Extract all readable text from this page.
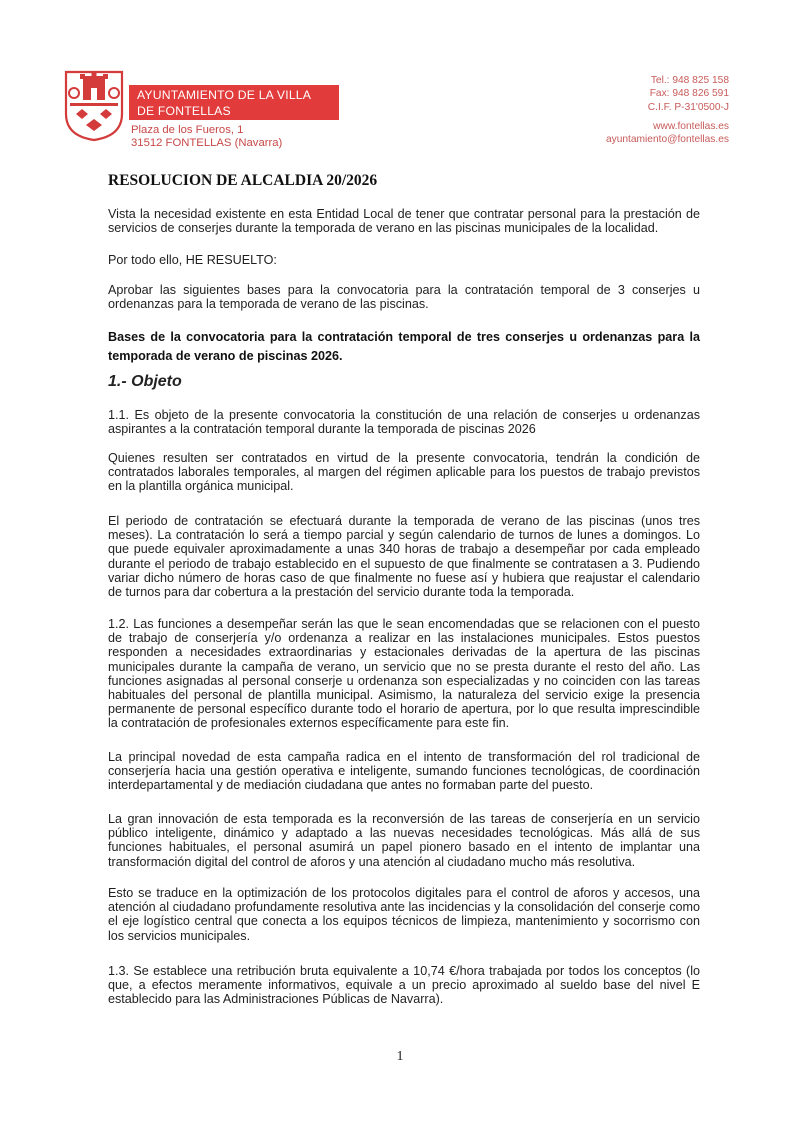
AYUNTAMIENTO DE LA VILLA
DE FONTELLAS
Plaza de los Fueros, 1
31512 FONTELLAS (Navarra)
Tel.: 948 825 158
Fax: 948 826 591
C.I.F. P-31'0500-J
www.fontellas.es
ayuntamiento@fontellas.es
RESOLUCION DE ALCALDIA 20/2026

Vista la necesidad existente en esta Entidad Local de tener que contratar personal para la prestación de servicios de conserjes durante la temporada de verano en las piscinas municipales de la localidad.

Por todo ello, HE RESUELTO:

Aprobar las siguientes bases para la convocatoria para la contratación temporal de 3 conserjes u ordenanzas para la temporada de verano de las piscinas.

Bases de la convocatoria para la contratación temporal de tres conserjes u ordenanzas para la temporada de verano de piscinas 2026.

1.- Objeto

1.1. Es objeto de la presente convocatoria la constitución de una relación de conserjes u ordenanzas aspirantes a la contratación temporal durante la temporada de piscinas 2026

Quienes resulten ser contratados en virtud de la presente convocatoria, tendrán la condición de contratados laborales temporales, al margen del régimen aplicable para los puestos de trabajo previstos en la plantilla orgánica municipal.

El periodo de contratación se efectuará durante la temporada de verano de las piscinas (unos tres meses). La contratación lo será a tiempo parcial y según calendario de turnos de lunes a domingos. Lo que puede equivaler aproximadamente a unas 340 horas de trabajo a desempeñar por cada empleado durante el periodo de trabajo establecido en el supuesto de que finalmente se contratasen a 3. Pudiendo variar dicho número de horas caso de que finalmente no fuese así y hubiera que reajustar el calendario de turnos para dar cobertura a la prestación del servicio durante toda la temporada.

1.2. Las funciones a desempeñar serán las que le sean encomendadas que se relacionen con el puesto de trabajo de conserjería y/o ordenanza a realizar en las instalaciones municipales. Estos puestos responden a necesidades extraordinarias y estacionales derivadas de la apertura de las piscinas municipales durante la campaña de verano, un servicio que no se presta durante el resto del año. Las funciones asignadas al personal conserje u ordenanza son especializadas y no coinciden con las tareas habituales del personal de plantilla municipal. Asimismo, la naturaleza del servicio exige la presencia permanente de personal específico durante todo el horario de apertura, por lo que resulta imprescindible la contratación de profesionales externos específicamente para este fin.

La principal novedad de esta campaña radica en el intento de transformación del rol tradicional de conserjería hacia una gestión operativa e inteligente, sumando funciones tecnológicas, de coordinación interdepartamental y de mediación ciudadana que antes no formaban parte del puesto.

La gran innovación de esta temporada es la reconversión de las tareas de conserjería en un servicio público inteligente, dinámico y adaptado a las nuevas necesidades tecnológicas. Más allá de sus funciones habituales, el personal asumirá un papel pionero basado en el intento de implantar una transformación digital del control de aforos y una atención al ciudadano mucho más resolutiva.

Esto se traduce en la optimización de los protocolos digitales para el control de aforos y accesos, una atención al ciudadano profundamente resolutiva ante las incidencias y la consolidación del conserje como el eje logístico central que conecta a los equipos técnicos de limpieza, mantenimiento y socorrismo con los servicios municipales.

1.3. Se establece una retribución bruta equivalente a 10,74 €/hora trabajada por todos los conceptos (lo que, a efectos meramente informativos, equivale a un precio aproximado al sueldo base del nivel E establecido para las Administraciones Públicas de Navarra).

1
